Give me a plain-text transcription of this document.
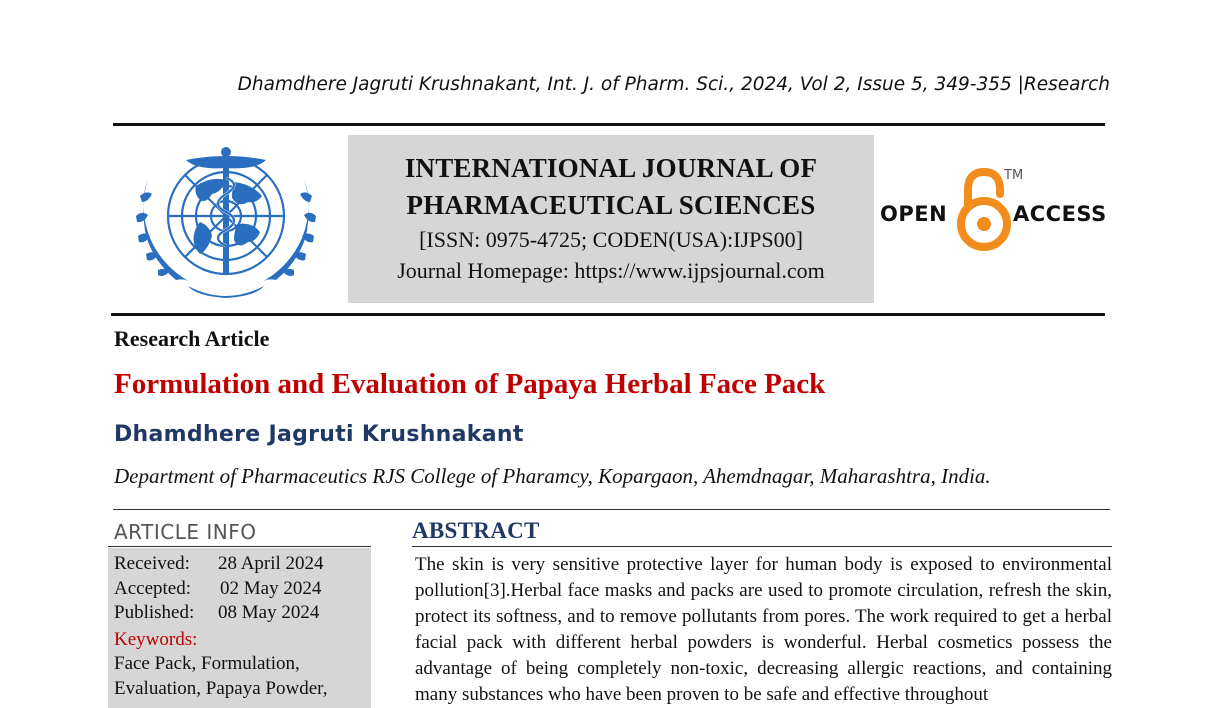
Dhamdhere Jagruti Krushnakant, Int. J. of Pharm. Sci., 2024, Vol 2, Issue 5, 349-355 |Research
INTERNATIONAL JOURNAL OF
PHARMACEUTICAL SCIENCES
[ISSN: 0975-4725; CODEN(USA):IJPS00]
Journal Homepage: https://www.ijpsjournal.com
OPEN
TM
ACCESS
Research Article
Formulation and Evaluation of Papaya Herbal Face Pack
Dhamdhere Jagruti Krushnakant
Department of Pharmaceutics RJS College of Pharamcy, Kopargaon, Ahemdnagar, Maharashtra, India.
ARTICLE INFO
Received:	28 April 2024
Accepted:	02 May 2024
Published:	08 May 2024
Keywords:
Face Pack, Formulation,
Evaluation, Papaya Powder,
ABSTRACT
The skin is very sensitive protective layer for human body is exposed to environmental pollution[3].Herbal face masks and packs are used to promote circulation, refresh the skin, protect its softness, and to remove pollutants from pores. The work required to get a herbal facial pack with different herbal powders is wonderful. Herbal cosmetics possess the advantage of being completely non-toxic, decreasing allergic reactions, and containing many substances who have been proven to be safe and effective throughout
